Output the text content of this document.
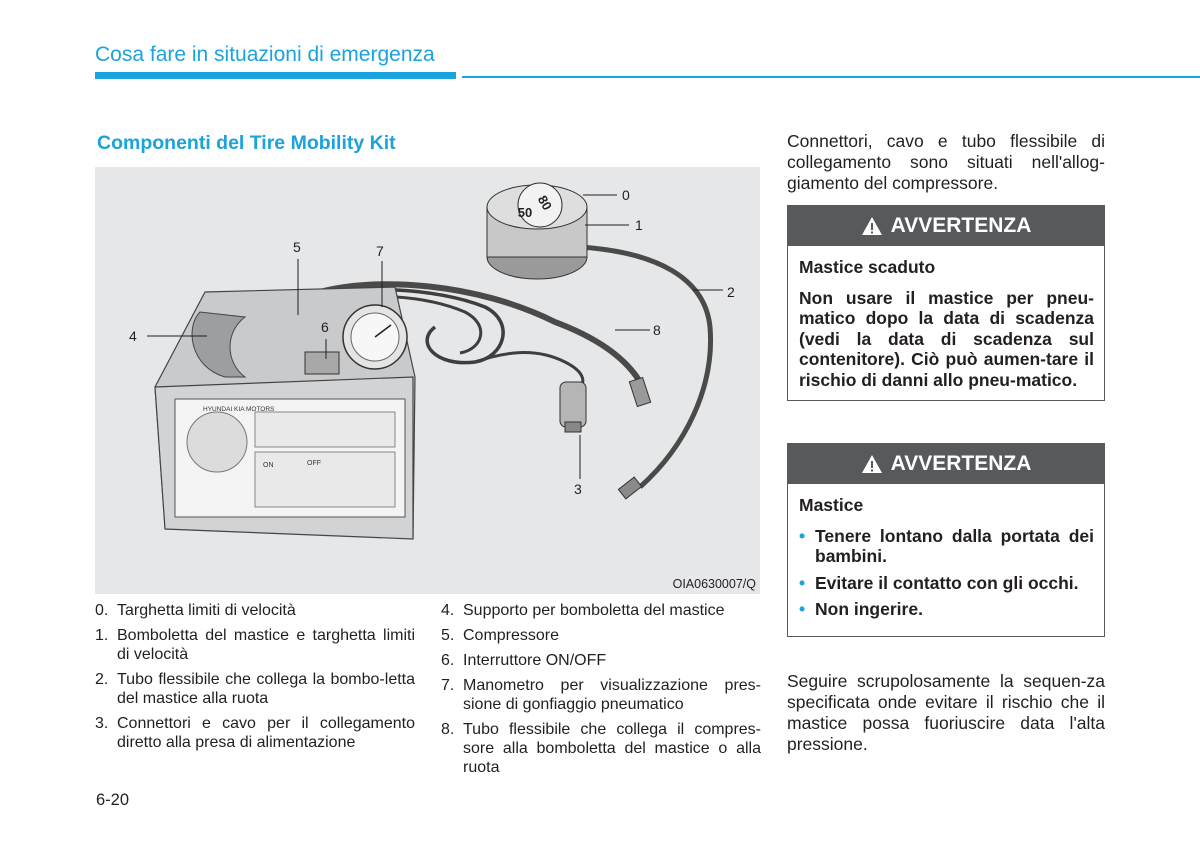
Cosa fare in situazioni di emergenza
Componenti del Tire Mobility Kit
80
50
HYUNDAI KIA MOTORS
ON	OFF
0
1
2
3
4
5
6
7
8
OIA0630007/Q
0. Targhetta limiti di velocità
1. Bomboletta del mastice e targhetta limiti di velocità
2. Tubo flessibile che collega la bombo-letta del mastice alla ruota
3. Connettori e cavo per il collegamento diretto alla presa di alimentazione
4. Supporto per bomboletta del mastice
5. Compressore
6. Interruttore ON/OFF
7. Manometro per visualizzazione pres-sione di gonfiaggio pneumatico
8. Tubo flessibile che collega il compres-sore alla bomboletta del mastice o alla ruota
Connettori, cavo e tubo flessibile di collegamento sono situati nell'allog-giamento del compressore.
AVVERTENZA
Mastice scaduto
Non usare il mastice per pneu-matico dopo la data di scadenza (vedi la data di scadenza sul contenitore). Ciò può aumen-tare il rischio di danni allo pneu-matico.
AVVERTENZA
Mastice
• Tenere lontano dalla portata dei bambini.
• Evitare il contatto con gli occhi.
• Non ingerire.
Seguire scrupolosamente la sequen-za specificata onde evitare il rischio che il mastice possa fuoriuscire data l'alta pressione.
6-20
